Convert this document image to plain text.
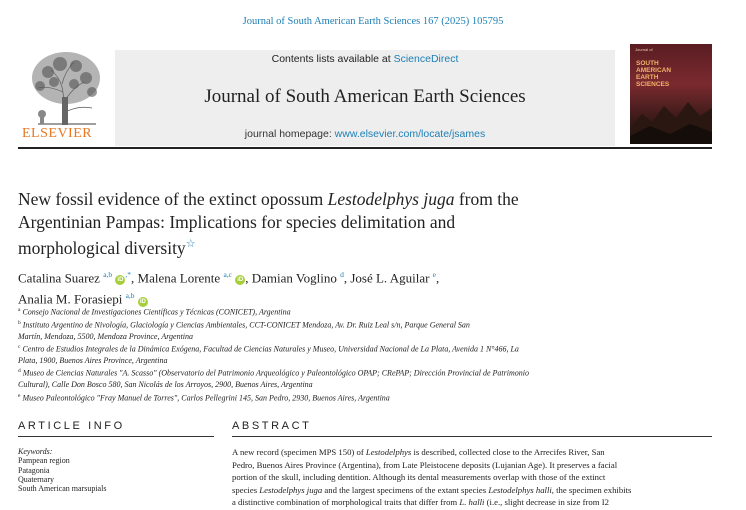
Journal of South American Earth Sciences 167 (2025) 105795
ELSEVIER
Contents lists available at ScienceDirect
Journal of South American Earth Sciences
journal homepage: www.elsevier.com/locate/jsames
Journal of
SOUTH
AMERICAN
EARTH
SCIENCES
New fossil evidence of the extinct opossum Lestodelphys juga from the
Argentinian Pampas: Implications for species delimitation and
morphological diversity☆
Catalina Suarez $^{a,b}$ iD,*, Malena Lorente $^{a,c}$ iD , Damian Voglino $^d$, José L. Aguilar $^e$,
Analia M. Forasiepi $^{a,b}$ iD
$^a$ Consejo Nacional de Investigaciones Científicas y Técnicas (CONICET), Argentina
$^b$ Instituto Argentino de Nivología, Glaciología y Ciencias Ambientales, CCT-CONICET Mendoza, Av. Dr. Ruiz Leal s/n, Parque General San
Martín, Mendoza, 5500, Mendoza Province, Argentina
$^c$ Centro de Estudios Integrales de la Dinámica Exógena, Facultad de Ciencias Naturales y Museo, Universidad Nacional de La Plata, Avenida 1 N°466, La
Plata, 1900, Buenos Aires Province, Argentina
$^d$ Museo de Ciencias Naturales "A. Scasso" (Observatorio del Patrimonio Arqueológico y Paleontológico OPAP; CRePAP; Dirección Provincial de Patrimonio
Cultural), Calle Don Bosco 580, San Nicolás de los Arroyos, 2900, Buenos Aires, Argentina
$^e$ Museo Paleontológico "Fray Manuel de Torres", Carlos Pellegrini 145, San Pedro, 2930, Buenos Aires, Argentina
ARTICLE INFO	ABSTRACT
Keywords:
Pampean region
Patagonia
Quaternary
South American marsupials
A new record (specimen MPS 150) of Lestodelphys is described, collected close to the Arrecifes River, San
Pedro, Buenos Aires Province (Argentina), from Late Pleistocene deposits (Lujanian Age). It preserves a facial
portion of the skull, including dentition. Although its dental measurements overlap with those of the extinct
species Lestodelphys juga and the largest specimens of the extant species Lestodelphys halli, the specimen exhibits
a distinctive combination of morphological traits that differ from L. halli (i.e., slight decrease in size from I2
